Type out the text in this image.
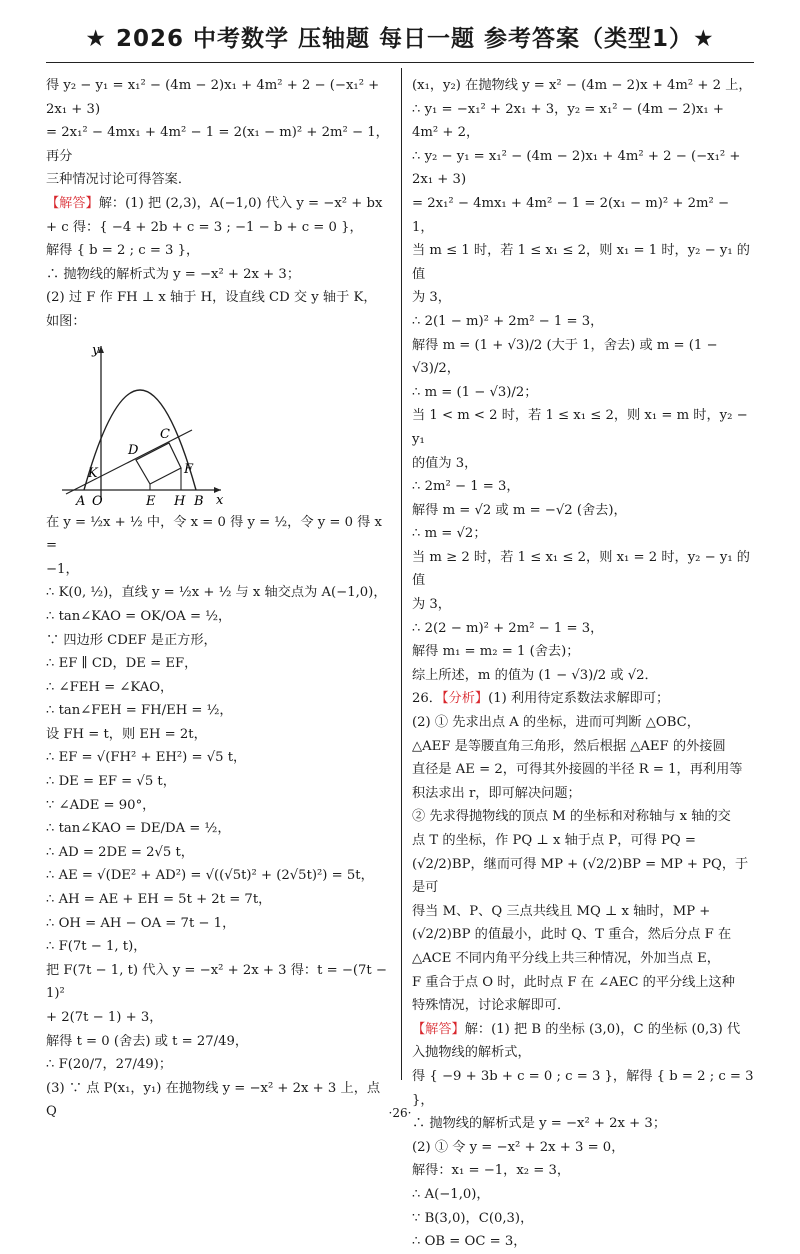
★ 2026 中考数学 压轴题 每日一题 参考答案（类型1）★

得 y₂ − y₁ = x₁² − (4m − 2)x₁ + 4m² + 2 − (−x₁² + 2x₁ + 3)

= 2x₁² − 4mx₁ + 4m² − 1 = 2(x₁ − m)² + 2m² − 1，再分

三种情况讨论可得答案．

【解答】解：(1) 把 (2,3)，A(−1,0) 代入 y = −x² + bx

+ c 得：{ −4 + 2b + c = 3 ; −1 − b + c = 0 }，

解得 { b = 2 ; c = 3 }，

∴ 抛物线的解析式为 y = −x² + 2x + 3；

(2) 过 F 作 FH ⊥ x 轴于 H，设直线 CD 交 y 轴于 K，

如图：

y
x
A O	E H B
K
D
C
F

在 y = ½x + ½ 中，令 x = 0 得 y = ½，令 y = 0 得 x =

−1，

∴ K(0, ½)，直线 y = ½x + ½ 与 x 轴交点为 A(−1,0)，

∴ tan∠KAO = OK/OA = ½，

∵ 四边形 CDEF 是正方形，

∴ EF ∥ CD，DE = EF，

∴ ∠FEH = ∠KAO，

∴ tan∠FEH = FH/EH = ½，

设 FH = t，则 EH = 2t，

∴ EF = √(FH² + EH²) = √5 t，

∴ DE = EF = √5 t，

∵ ∠ADE = 90°，

∴ tan∠KAO = DE/DA = ½，

∴ AD = 2DE = 2√5 t，

∴ AE = √(DE² + AD²) = √((√5t)² + (2√5t)²) = 5t，

∴ AH = AE + EH = 5t + 2t = 7t，

∴ OH = AH − OA = 7t − 1，

∴ F(7t − 1, t)，

把 F(7t − 1, t) 代入 y = −x² + 2x + 3 得：t = −(7t − 1)²

+ 2(7t − 1) + 3，

解得 t = 0 (舍去) 或 t = 27/49，

∴ F(20/7，27/49)；

(3) ∵ 点 P(x₁，y₁) 在抛物线 y = −x² + 2x + 3 上，点 Q

(x₁，y₂) 在抛物线 y = x² − (4m − 2)x + 4m² + 2 上，

∴ y₁ = −x₁² + 2x₁ + 3，y₂ = x₁² − (4m − 2)x₁ + 4m² + 2，

∴ y₂ − y₁ = x₁² − (4m − 2)x₁ + 4m² + 2 − (−x₁² + 2x₁ + 3)

= 2x₁² − 4mx₁ + 4m² − 1 = 2(x₁ − m)² + 2m² − 1，

当 m ≤ 1 时，若 1 ≤ x₁ ≤ 2，则 x₁ = 1 时，y₂ − y₁ 的值

为 3，

∴ 2(1 − m)² + 2m² − 1 = 3，

解得 m = (1 + √3)/2 (大于 1，舍去) 或 m = (1 − √3)/2，

∴ m = (1 − √3)/2；

当 1 < m < 2 时，若 1 ≤ x₁ ≤ 2，则 x₁ = m 时，y₂ − y₁

的值为 3，

∴ 2m² − 1 = 3，

解得 m = √2 或 m = −√2 (舍去)，

∴ m = √2；

当 m ≥ 2 时，若 1 ≤ x₁ ≤ 2，则 x₁ = 2 时，y₂ − y₁ 的值

为 3，

∴ 2(2 − m)² + 2m² − 1 = 3，

解得 m₁ = m₂ = 1 (舍去)；

综上所述，m 的值为 (1 − √3)/2 或 √2．

26．【分析】(1) 利用待定系数法求解即可；

(2) ① 先求出点 A 的坐标，进而可判断 △OBC，

△AEF 是等腰直角三角形，然后根据 △AEF 的外接圆

直径是 AE = 2，可得其外接圆的半径 R = 1，再利用等

积法求出 r，即可解决问题；

② 先求得抛物线的顶点 M 的坐标和对称轴与 x 轴的交

点 T 的坐标，作 PQ ⊥ x 轴于点 P，可得 PQ =

(√2/2)BP，继而可得 MP + (√2/2)BP = MP + PQ，于是可

得当 M、P、Q 三点共线且 MQ ⊥ x 轴时，MP +

(√2/2)BP 的值最小，此时 Q、T 重合，然后分点 F 在

△ACE 不同内角平分线上共三种情况，外加当点 E，

F 重合于点 O 时，此时点 F 在 ∠AEC 的平分线上这种

特殊情况，讨论求解即可．

【解答】解：(1) 把 B 的坐标 (3,0)，C 的坐标 (0,3) 代

入抛物线的解析式，

得 { −9 + 3b + c = 0 ; c = 3 }，解得 { b = 2 ; c = 3 }，

∴ 抛物线的解析式是 y = −x² + 2x + 3；

(2) ① 令 y = −x² + 2x + 3 = 0，

解得：x₁ = −1，x₂ = 3，

∴ A(−1,0)，

∵ B(3,0)，C(0,3)，

∴ OB = OC = 3，

·26·
